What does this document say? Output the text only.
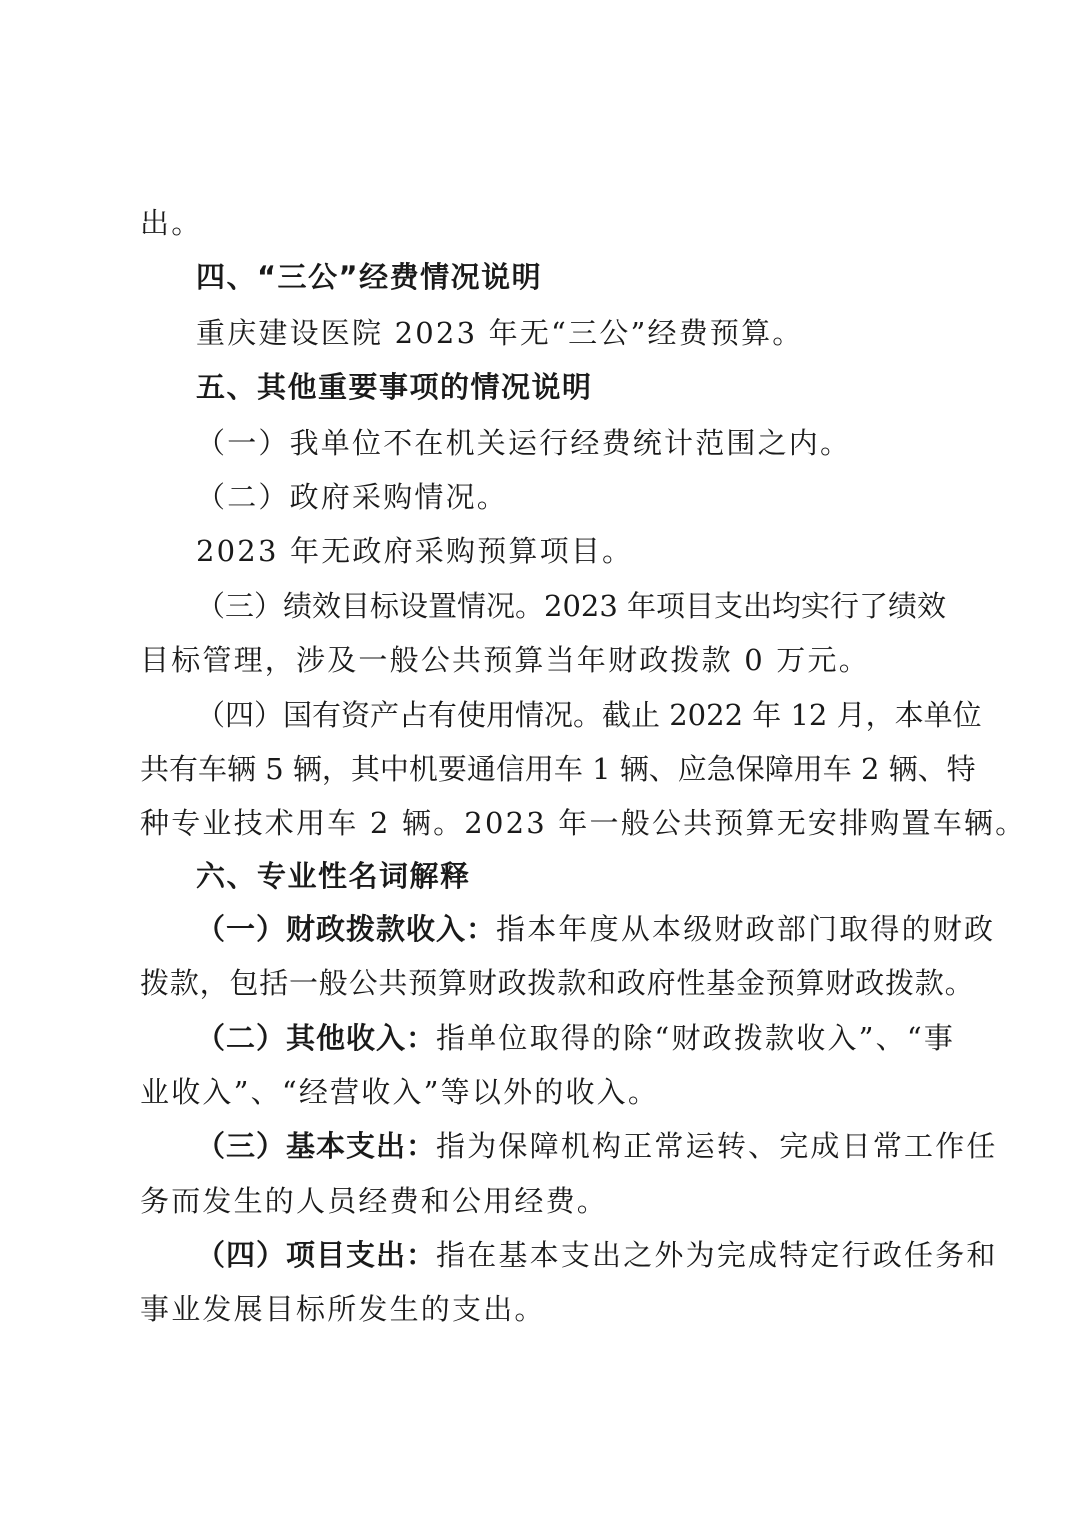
出。
四、“三公”经费情况说明
重庆建设医院 2023 年无“三公”经费预算。
五、其他重要事项的情况说明
（一）我单位不在机关运行经费统计范围之内。
（二）政府采购情况。
2023 年无政府采购预算项目。
（三）绩效目标设置情况。2023 年项目支出均实行了绩效
目标管理，涉及一般公共预算当年财政拨款 0 万元。
（四）国有资产占有使用情况。截止 2022 年 12 月，本单位
共有车辆 5 辆，其中机要通信用车 1 辆、应急保障用车 2 辆、特
种专业技术用车 2 辆。2023 年一般公共预算无安排购置车辆。
六、专业性名词解释
（一）财政拨款收入： 指本年度从本级财政部门取得的财政
拨款，包括一般公共预算财政拨款和政府性基金预算财政拨款。
（二）其他收入： 指单位取得的除“财政拨款收入”、“事
业收入”、“经营收入”等以外的收入。
（三）基本支出： 指为保障机构正常运转、完成日常工作任
务而发生的人员经费和公用经费。
（四）项目支出： 指在基本支出之外为完成特定行政任务和
事业发展目标所发生的支出。
